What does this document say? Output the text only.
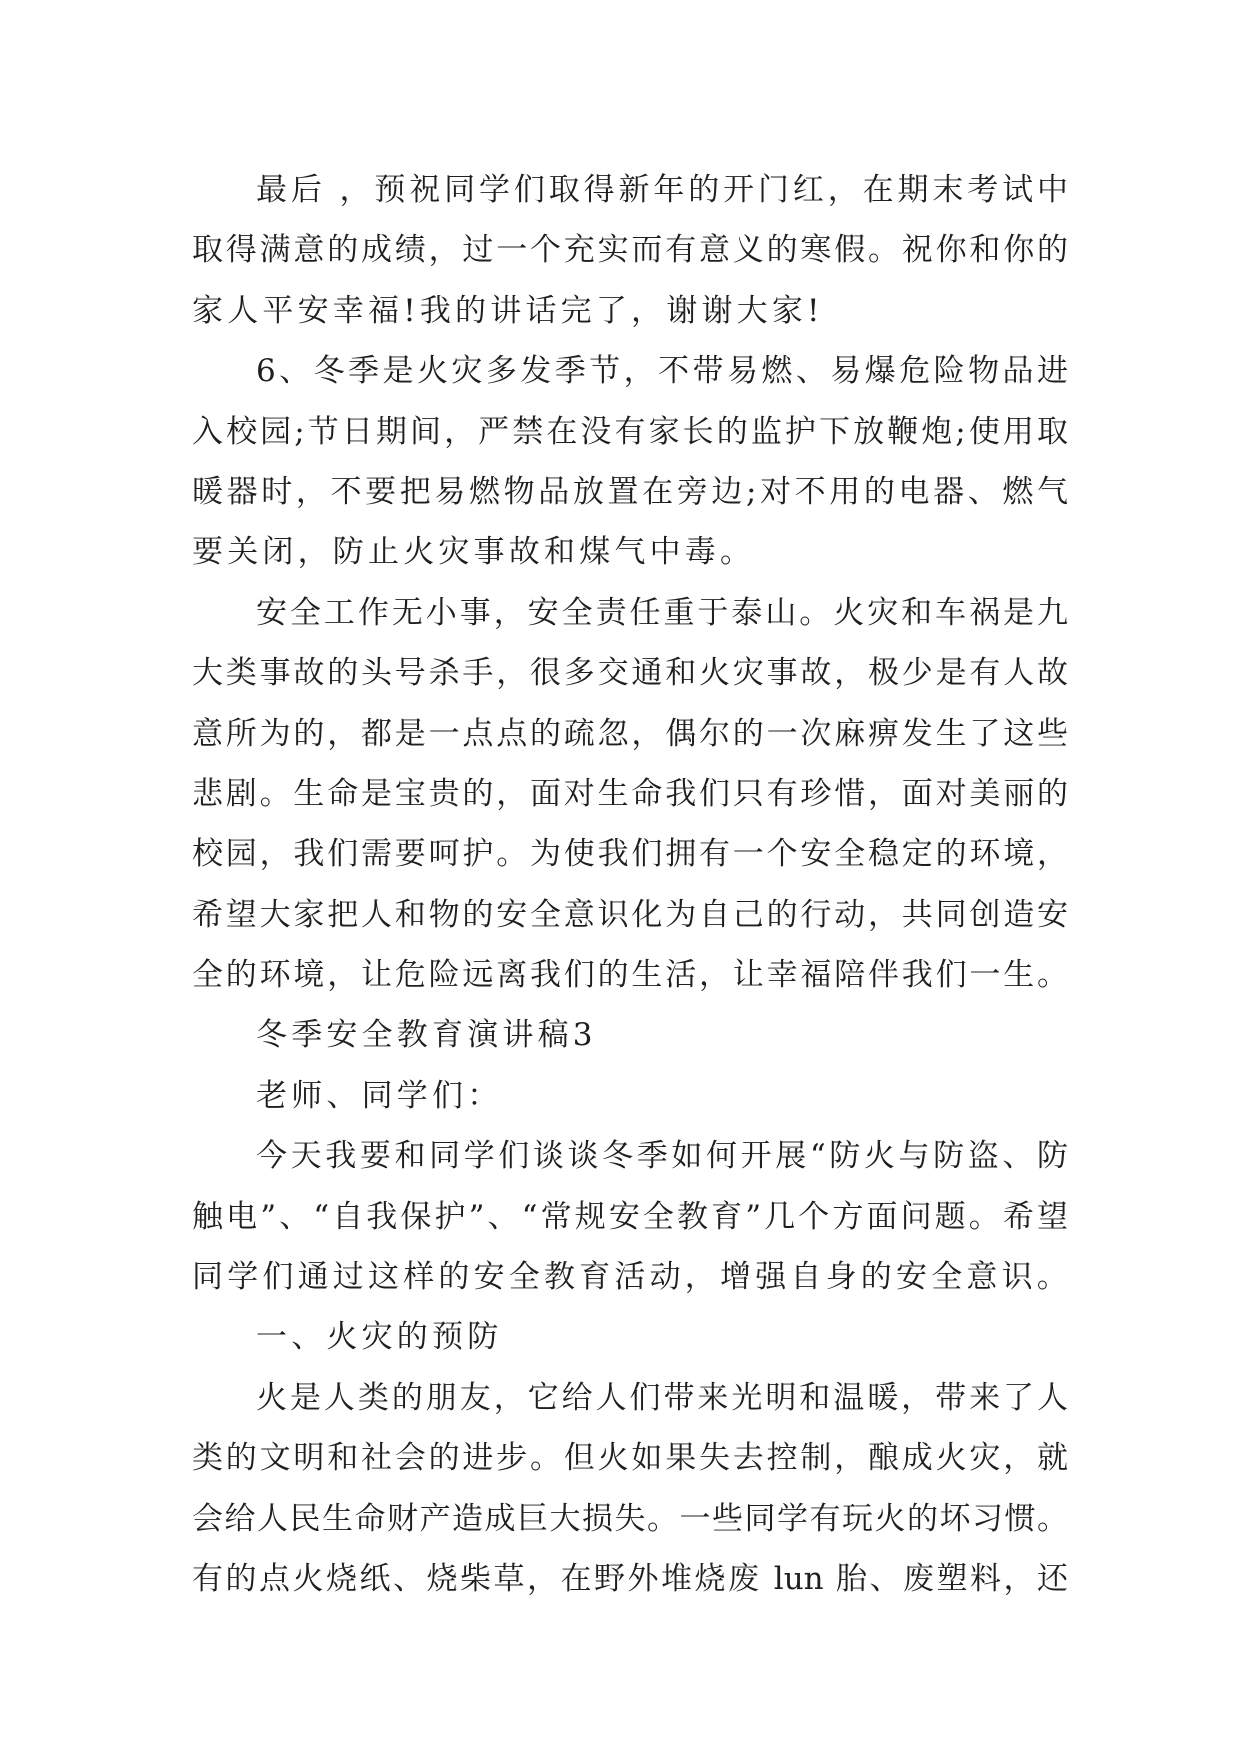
最后 ，预祝同学们取得新年的开门红，在期末考试中
取得满意的成绩，过一个充实而有意义的寒假。祝你和你的
家人平安幸福!我的讲话完了，谢谢大家!
6、冬季是火灾多发季节，不带易燃、易爆危险物品进
入校园;节日期间，严禁在没有家长的监护下放鞭炮;使用取
暖器时，不要把易燃物品放置在旁边;对不用的电器、燃气
要关闭，防止火灾事故和煤气中毒。
安全工作无小事，安全责任重于泰山。火灾和车祸是九
大类事故的头号杀手，很多交通和火灾事故，极少是有人故
意所为的，都是一点点的疏忽，偶尔的一次麻痹发生了这些
悲剧。生命是宝贵的，面对生命我们只有珍惜，面对美丽的
校园，我们需要呵护。为使我们拥有一个安全稳定的环境，
希望大家把人和物的安全意识化为自己的行动，共同创造安
全的环境，让危险远离我们的生活，让幸福陪伴我们一生。
冬季安全教育演讲稿3
老师、同学们：
今天我要和同学们谈谈冬季如何开展“防火与防盗、防
触电”、“自我保护”、“常规安全教育”几个方面问题。希望
同学们通过这样的安全教育活动，增强自身的安全意识。
一、火灾的预防
火是人类的朋友，它给人们带来光明和温暖，带来了人
类的文明和社会的进步。但火如果失去控制，酿成火灾，就
会给人民生命财产造成巨大损失。一些同学有玩火的坏习惯。
有的点火烧纸、烧柴草，在野外堆烧废 lun 胎、废塑料，还
